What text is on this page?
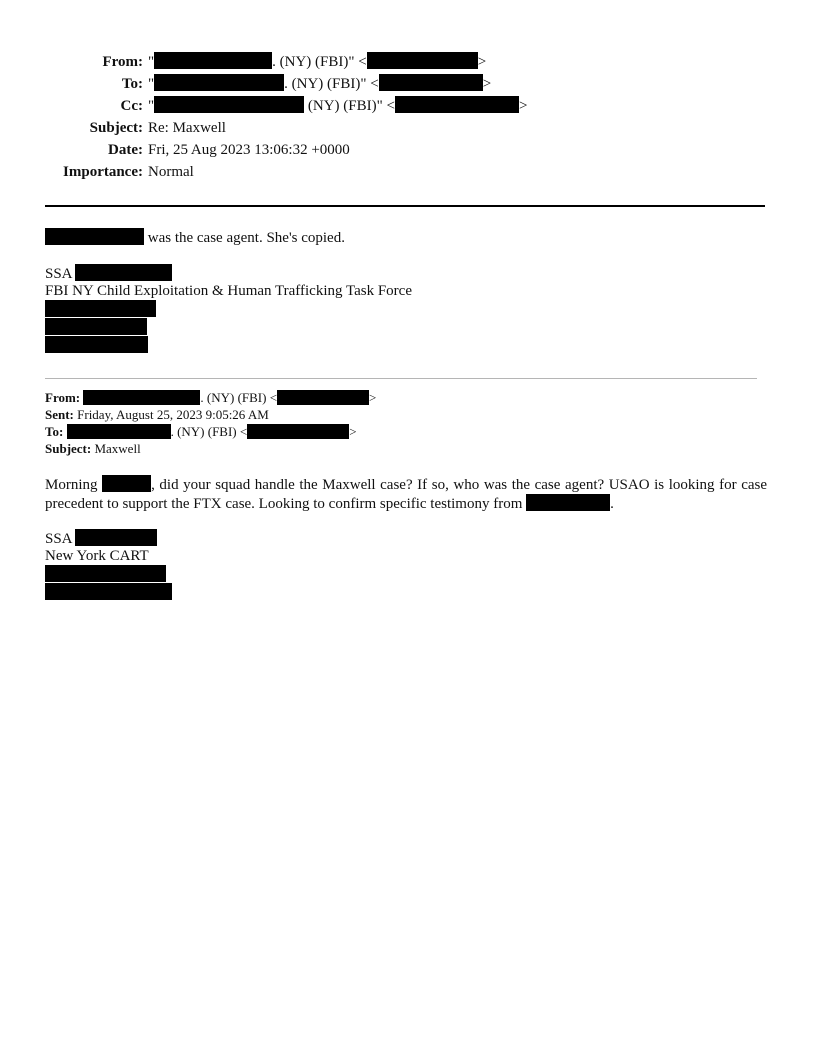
From: "	. (NY) (FBI)" <	>
To: "	. (NY) (FBI)" <	>
Cc: "	(NY) (FBI)" <	>
Subject: Re: Maxwell
Date: Fri, 25 Aug 2023 13:06:32 +0000
Importance: Normal
was the case agent. She's copied.
SSA
FBI NY Child Exploitation & Human Trafficking Task Force
From:	. (NY) (FBI) <	>
Sent: Friday, August 25, 2023 9:05:26 AM
To:	. (NY) (FBI) <	>
Subject: Maxwell
Morning	, did your squad handle the Maxwell case? If so, who was the case agent? USAO is looking for case precedent to support the FTX case. Looking to confirm specific testimony from	.
SSA
New York CART
